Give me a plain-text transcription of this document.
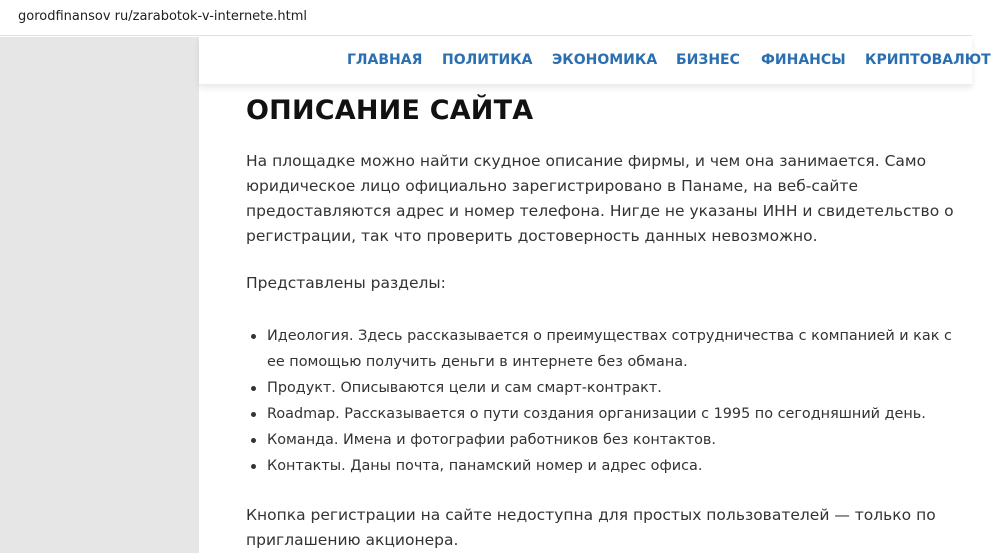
gorodfinansov ru/zarabotok-v-internete.html
ГЛАВНАЯ ПОЛИТИКА ЭКОНОМИКА БИЗНЕС ФИНАНСЫ КРИПТОВАЛЮТ
ОПИСАНИЕ САЙТА

На площадке можно найти скудное описание фирмы, и чем она занимается. Само юридическое лицо официально зарегистрировано в Панаме, на веб-сайте предоставляются адрес и номер телефона. Нигде не указаны ИНН и свидетельство о регистрации, так что проверить достоверность данных невозможно.

Представлены разделы:

Идеология. Здесь рассказывается о преимуществах сотрудничества с компанией и как с ее помощью получить деньги в интернете без обмана.
Продукт. Описываются цели и сам смарт-контракт.
Roadmap. Рассказывается о пути создания организации с 1995 по сегодняшний день.
Команда. Имена и фотографии работников без контактов.
Контакты. Даны почта, панамский номер и адрес офиса.

Кнопка регистрации на сайте недоступна для простых пользователей — только по приглашению акционера.
